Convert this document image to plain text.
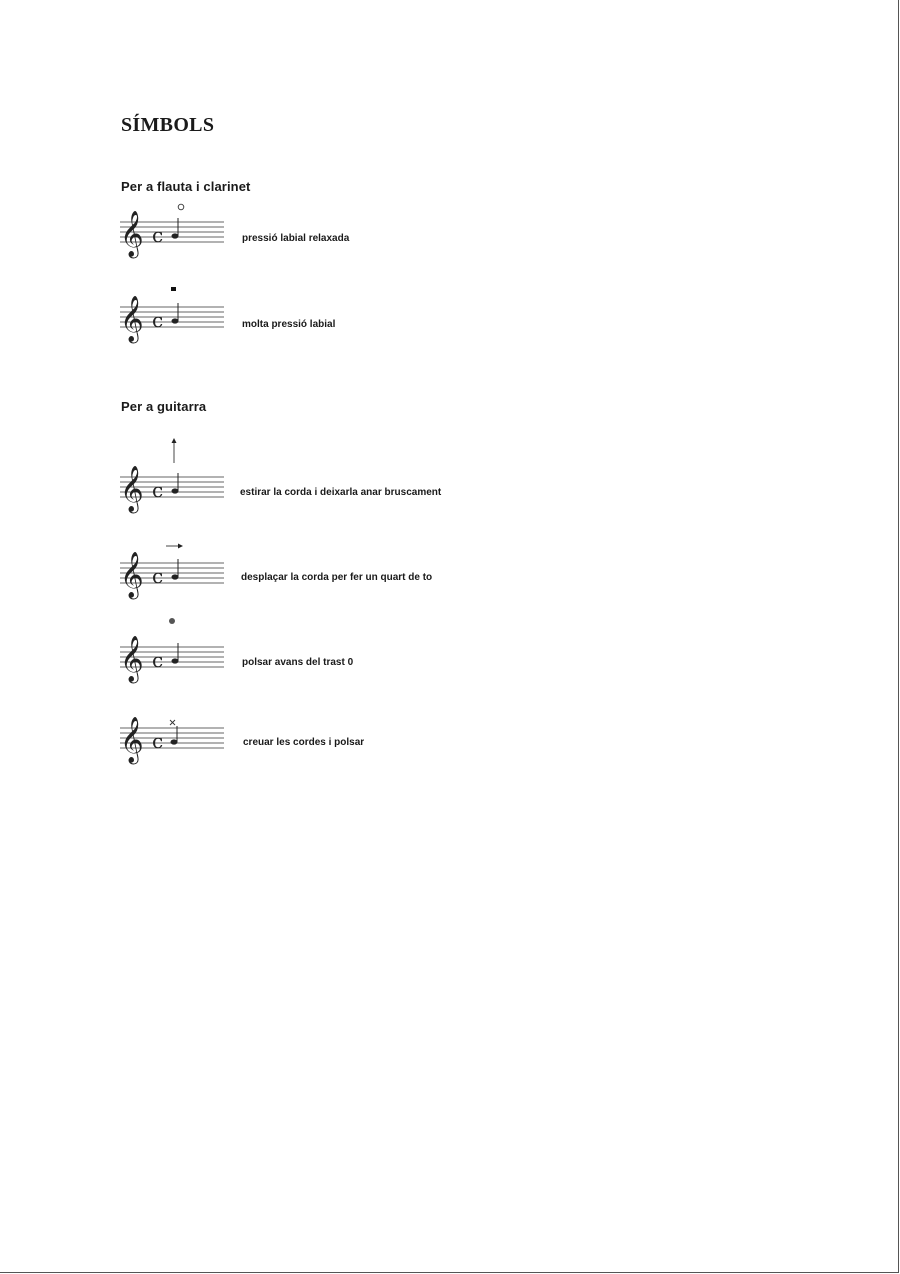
SÍMBOLS
Per a flauta i clarinet
𝄞 c	pressió labial relaxada
𝄞 c	molta pressió labial
Per a guitarra
𝄞 c	estirar la corda i deixarla anar bruscament
𝄞 c	desplaçar la corda per fer un quart de to
𝄞 c	polsar avans del trast 0
𝄞 c	creuar les cordes i polsar
